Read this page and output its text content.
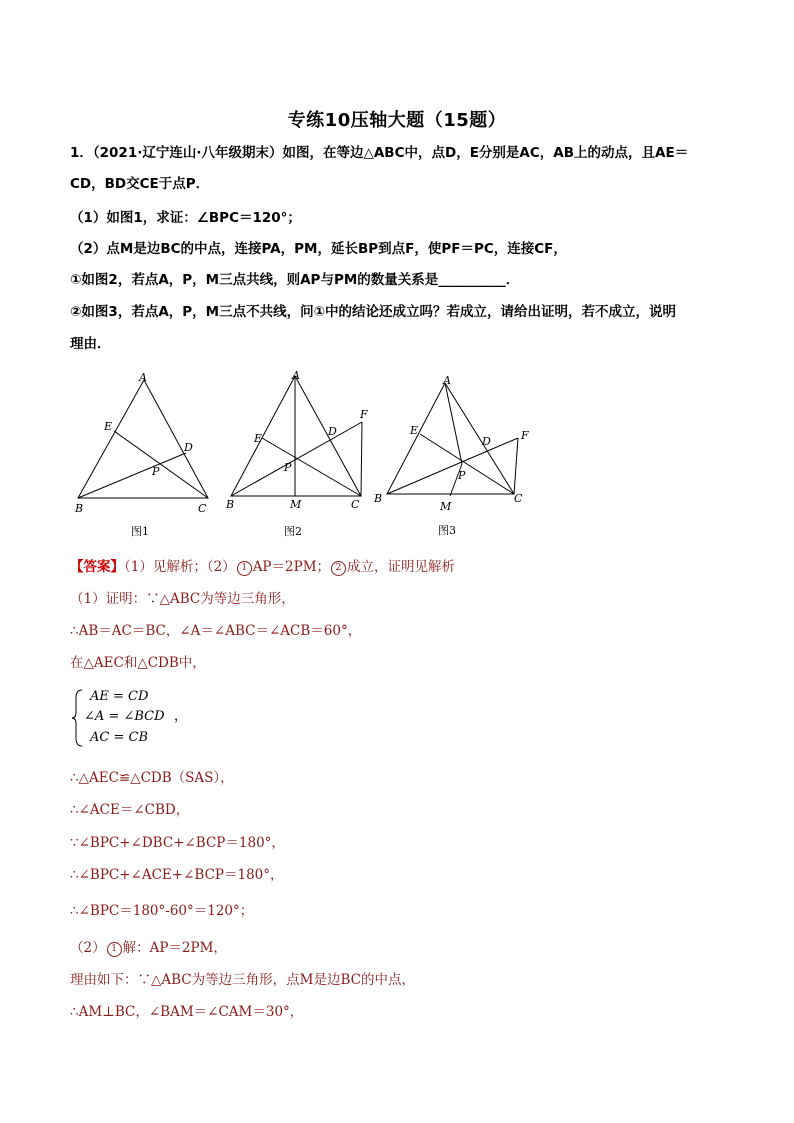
专练10压轴大题（15题）
1．（2021·辽宁连山·八年级期末）如图，在等边△ABC中，点D，E分别是AC，AB上的动点，且AE＝
CD，BD交CE于点P．
（1）如图1，求证：∠BPC＝120°；
（2）点M是边BC的中点，连接PA，PM，延长BP到点F，使PF＝PC，连接CF，
①如图2，若点A，P，M三点共线，则AP与PM的数量关系是__________．
②如图3，若点A，P，M三点不共线，问①中的结论还成立吗？若成立，请给出证明，若不成立，说明
理由．
A
E
D
P
B	C
图1
A
F
D
E
P
B	M	C
图2
A
E
D	F
P
B
M
C
图3
【答案】（1）见解析；（2） 1 AP＝2PM； 2 成立，证明见解析
（1）证明：∵△ABC为等边三角形，
∴AB＝AC＝BC，∠A＝∠ABC＝∠ACB＝60°，
在△AEC和△CDB中，
AE = CD
∠A = ∠BCD
AC = CB
，
∴△AEC≌△CDB（SAS），
∴∠ACE＝∠CBD，
∵∠BPC+∠DBC+∠BCP＝180°，
∴∠BPC+∠ACE+∠BCP＝180°，
∴∠BPC＝180°-60°＝120°；
（2） 1 解：AP＝2PM，
理由如下：∵△ABC为等边三角形，点M是边BC的中点，
∴AM⊥BC，∠BAM＝∠CAM＝30°，
